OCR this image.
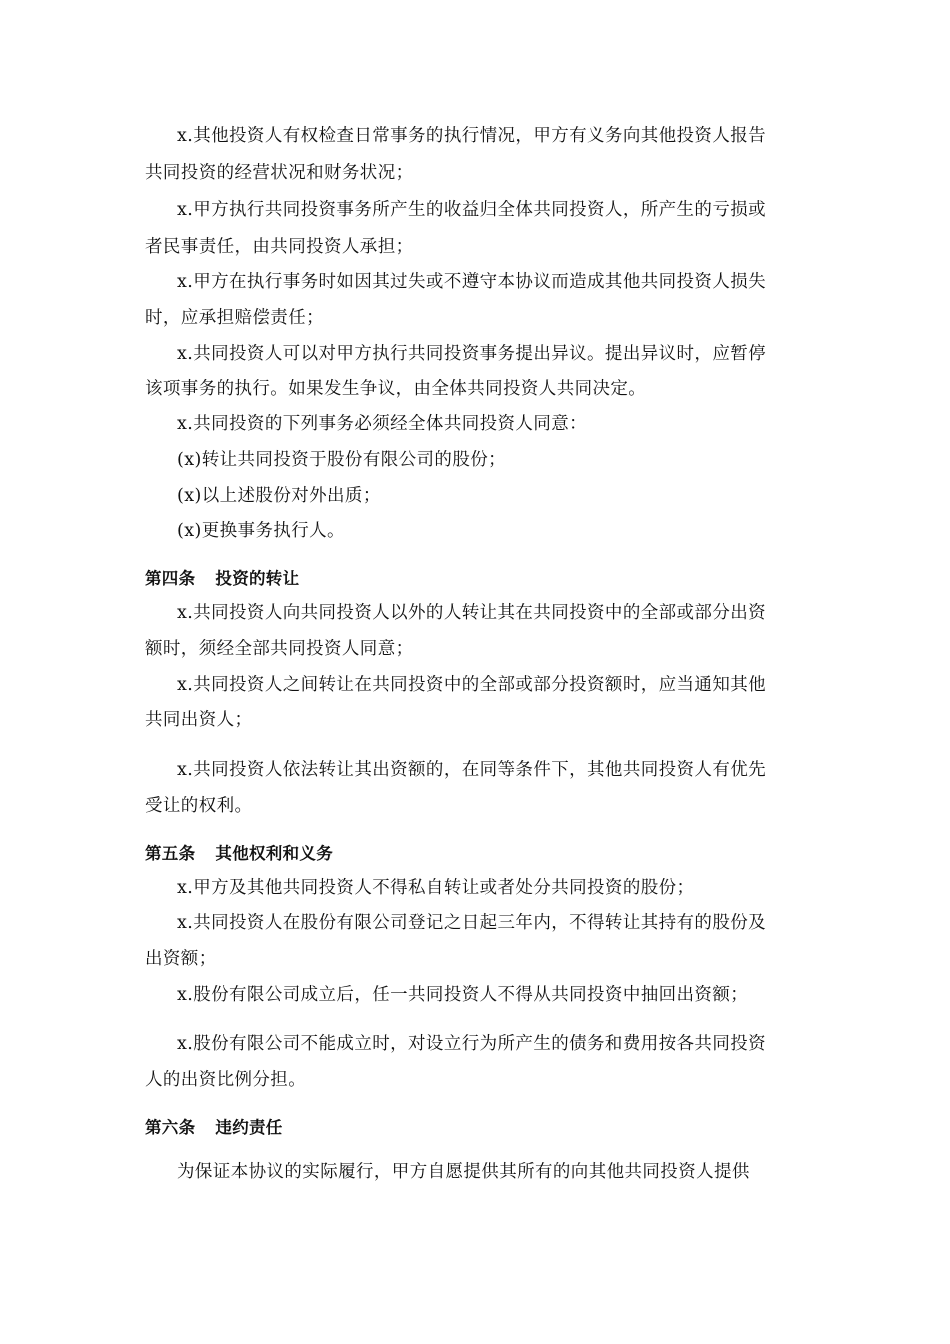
x.其他投资人有权检查日常事务的执行情况，甲方有义务向其他投资人报告
共同投资的经营状况和财务状况；
x.甲方执行共同投资事务所产生的收益归全体共同投资人，所产生的亏损或
者民事责任，由共同投资人承担；
x.甲方在执行事务时如因其过失或不遵守本协议而造成其他共同投资人损失
时，应承担赔偿责任；
x.共同投资人可以对甲方执行共同投资事务提出异议。提出异议时，应暂停
该项事务的执行。如果发生争议，由全体共同投资人共同决定。
x.共同投资的下列事务必须经全体共同投资人同意：
(x)转让共同投资于股份有限公司的股份；
(x)以上述股份对外出质；
(x)更换事务执行人。
第四条 投资的转让
x.共同投资人向共同投资人以外的人转让其在共同投资中的全部或部分出资
额时，须经全部共同投资人同意；
x.共同投资人之间转让在共同投资中的全部或部分投资额时，应当通知其他
共同出资人；
x.共同投资人依法转让其出资额的，在同等条件下，其他共同投资人有优先
受让的权利。
第五条 其他权利和义务
x.甲方及其他共同投资人不得私自转让或者处分共同投资的股份；
x.共同投资人在股份有限公司登记之日起三年内，不得转让其持有的股份及
出资额；
x.股份有限公司成立后，任一共同投资人不得从共同投资中抽回出资额；
x.股份有限公司不能成立时，对设立行为所产生的债务和费用按各共同投资
人的出资比例分担。
第六条 违约责任
为保证本协议的实际履行，甲方自愿提供其所有的向其他共同投资人提供
